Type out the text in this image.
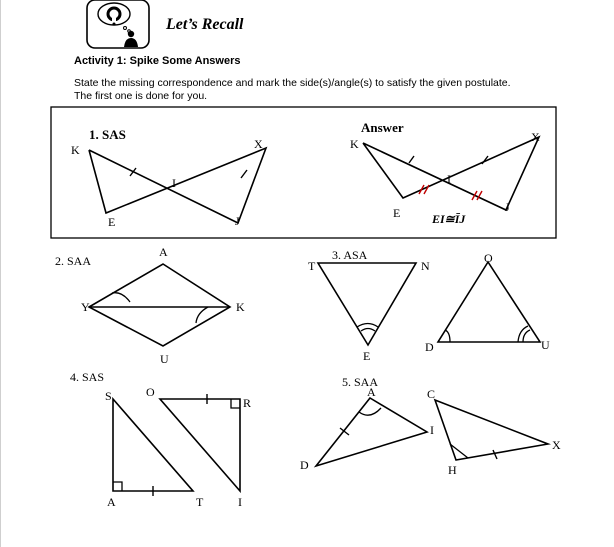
Let’s Recall
Activity 1: Spike Some Answers
State the missing correspondence and mark the side(s)/angle(s) to satisfy the given postulate.
The first one is done for you.
1. SAS
K	X
I
E	J
Answer
K	X
I
E	J
EI≅ĪJ
2. SAA
A
Y	K
U
3. ASA
T	N
E
O
D	U
4. SAS
S	O
R
A	T	I
5. SAA
A
D
I
C
H
X
